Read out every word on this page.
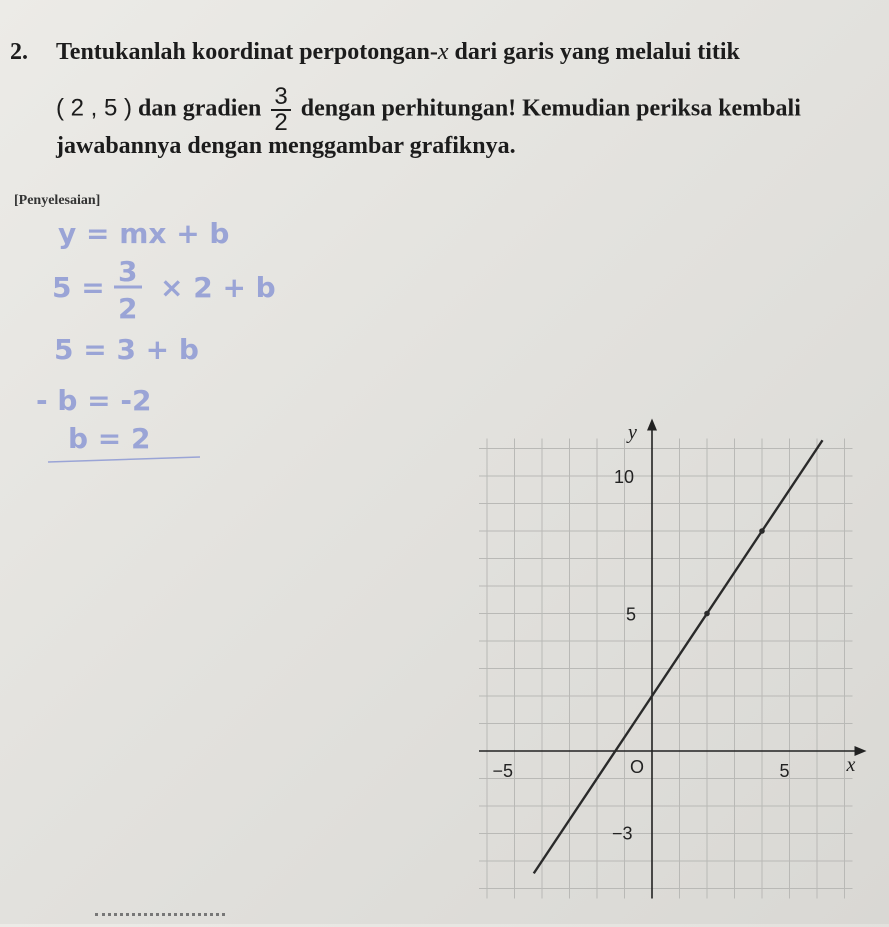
2. Tentukanlah koordinat perpotongan-x dari garis yang melalui titik
( 2 , 5 ) dan gradien $\frac{3}{2}$ dengan perhitungan! Kemudian periksa kembali
jawabannya dengan menggambar grafiknya.
[Penyelesaian]
y = mx + b
5 = 3
2
× 2 + b
5 = 3 + b
- b = -2
b = 2	y
x
10
5
−5	5
−3
O
